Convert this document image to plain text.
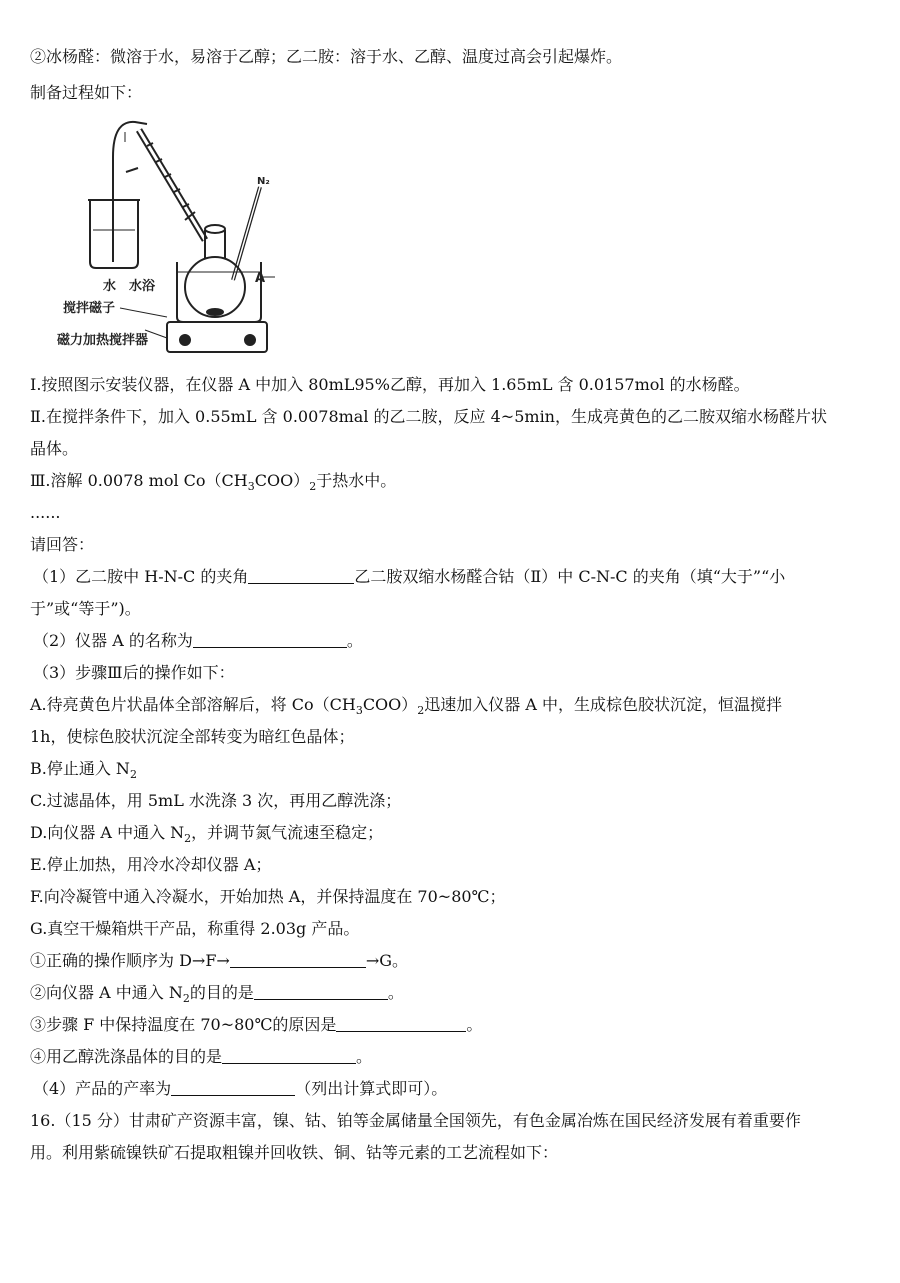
②冰杨醛：微溶于水，易溶于乙醇；乙二胺：溶于水、乙醇、温度过高会引起爆炸。
制备过程如下：
N₂
水 水浴
A
搅拌磁子
磁力加热搅拌器
I.按照图示安装仪器，在仪器 A 中加入 80mL95%乙醇，再加入 1.65mL 含 0.0157mol 的水杨醛。
Ⅱ.在搅拌条件下，加入 0.55mL 含 0.0078mal 的乙二胺，反应 4~5min，生成亮黄色的乙二胺双缩水杨醛片状
晶体。
Ⅲ.溶解 0.0078 mol $Co(CH_3COO)_2$于热水中。
......
请回答：
（1）乙二胺中 H-N-C 的夹角	乙二胺双缩水杨醛合钴（Ⅱ）中 C-N-C 的夹角（填“大于”“小
于”或“等于”)。
（2）仪器 A 的名称为	。
（3）步骤Ⅲ后的操作如下：
A.待亮黄色片状晶体全部溶解后，将 $Co(CH_3COO)_2$迅速加入仪器 A 中，生成棕色胶状沉淀，恒温搅拌
1h，使棕色胶状沉淀全部转变为暗红色晶体；
B.停止通入 $N_2$
C.过滤晶体，用 5mL 水洗涤 3 次，再用乙醇洗涤；
D.向仪器 A 中通入 $N_2$，并调节氮气流速至稳定；
E.停止加热，用冷水冷却仪器 A；
F.向冷凝管中通入冷凝水，开始加热 A，并保持温度在 70~80℃；
G.真空干燥箱烘干产品，称重得 2.03g 产品。
①正确的操作顺序为 D→F→	→G。
②向仪器 A 中通入 $N_2$的目的是	。
③步骤 F 中保持温度在 70~80℃的原因是	。
④用乙醇洗涤晶体的目的是	。
（4）产品的产率为	（列出计算式即可）。
16.（15 分）甘肃矿产资源丰富，镍、钴、铂等金属储量全国领先，有色金属冶炼在国民经济发展有着重要作
用。利用紫硫镍铁矿石提取粗镍并回收铁、铜、钴等元素的工艺流程如下：
